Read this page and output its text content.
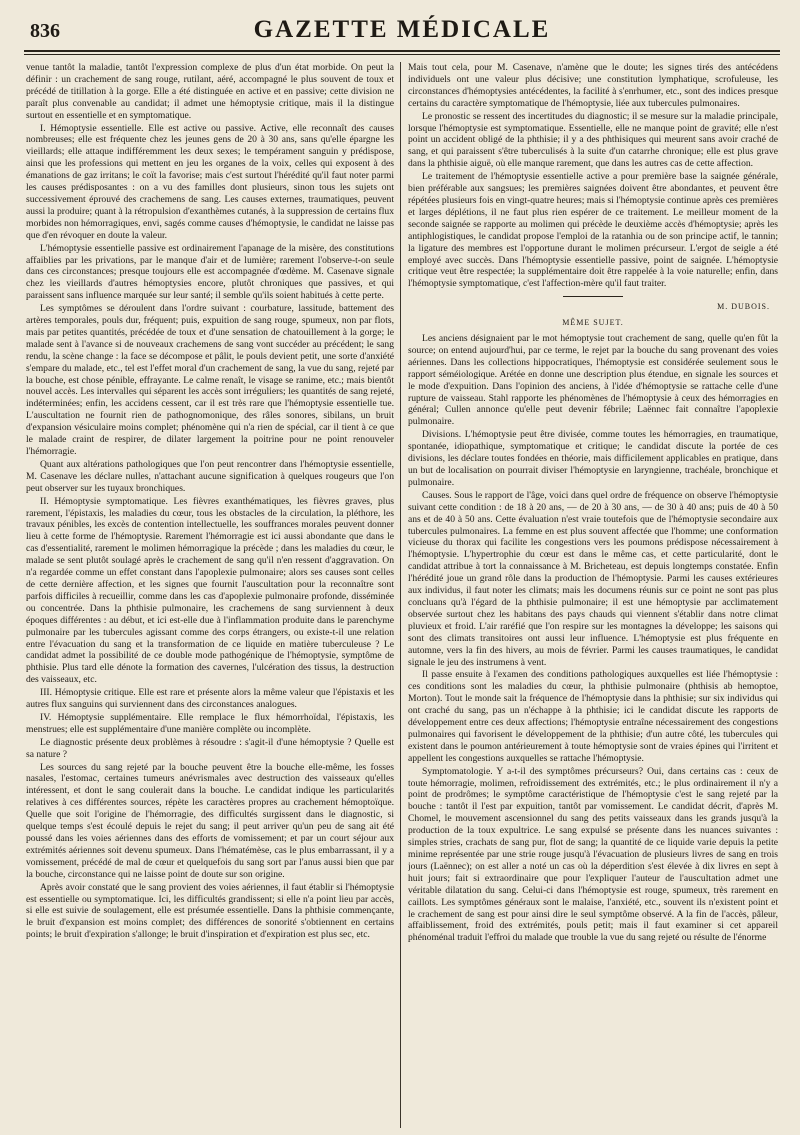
836	GAZETTE MÉDICALE

venue tantôt la maladie, tantôt l'expression complexe de plus d'un état morbide. On peut la définir : un crachement de sang rouge, rutilant, aéré, accompagné le plus souvent de toux et précédé de titillation à la gorge. Elle a été distinguée en active et en passive; cette division ne paraît plus convenable au candidat; il admet une hémoptysie critique, mais il la distingue surtout en essentielle et en symptomatique.

I. Hémoptysie essentielle. Elle est active ou passive. Active, elle reconnaît des causes nombreuses; elle est fréquente chez les jeunes gens de 20 à 30 ans, sans qu'elle épargne les vieillards; elle attaque indifféremment les deux sexes; le tempérament sanguin y prédispose, ainsi que les professions qui mettent en jeu les organes de la voix, celles qui exposent à des émanations de gaz irritans; le coït la favorise; mais c'est surtout l'hérédité qu'il faut noter parmi les causes prédisposantes : on a vu des familles dont plusieurs, sinon tous les sujets ont successivement éprouvé des crachemens de sang. Les causes externes, traumatiques, peuvent aussi la produire; quant à la rétropulsion d'exanthèmes cutanés, à la suppression de certains flux morbides non hémorragiques, envi, sagés comme causes d'hémoptysie, le candidat ne laisse pas que d'en révoquer en doute la valeur.

L'hémoptysie essentielle passive est ordinairement l'apanage de la misère, des constitutions affaiblies par les privations, par le manque d'air et de lumière; rarement l'observe-t-on seule dans ces circonstances; presque toujours elle est accompagnée d'œdème. M. Casenave signale chez les vieillards d'autres hémoptysies encore, plutôt chroniques que passives, et qui paraissent sans influence marquée sur leur santé; il semble qu'ils soient habitués à cette perte.

Les symptômes se déroulent dans l'ordre suivant : courbature, lassitude, battement des artères temporales, pouls dur, fréquent; puis, expuition de sang rouge, spumeux, non par flots, mais par petites quantités, précédée de toux et d'une sensation de chatouillement à la gorge; le malade sent à l'avance si de nouveaux crachemens de sang vont succéder au précédent; le sang rendu, la scène change : la face se décompose et pâlit, le pouls devient petit, une sorte d'anxiété s'empare du malade, etc., tel est l'effet moral d'un crachement de sang, la vue du sang, rejeté par la bouche, est chose pénible, effrayante. Le calme renaît, le visage se ranime, etc.; mais bientôt nouvel accès. Les intervalles qui séparent les accès sont irréguliers; les quantités de sang rejeté, indéterminées; enfin, les accidens cessent, car il est très rare que l'hémoptysie essentielle tue. L'auscultation ne fournit rien de pathognomonique, des râles sonores, sibilans, un bruit d'expansion vésiculaire moins complet; phénomène qui n'a rien de spécial, car il tient à ce que le malade craint de respirer, de dilater largement la poitrine pour ne point renouveler l'hémorragie.

Quant aux altérations pathologiques que l'on peut rencontrer dans l'hémoptysie essentielle, M. Casenave les déclare nulles, n'attachant aucune signification à quelques rougeurs que l'on peut observer sur les tuyaux bronchiques.

II. Hémoptysie symptomatique. Les fièvres exanthématiques, les fièvres graves, plus rarement, l'épistaxis, les maladies du cœur, tous les obstacles de la circulation, la pléthore, les travaux pénibles, les excès de contention intellectuelle, les souffrances morales peuvent donner lieu à cette forme de l'hémoptysie. Rarement l'hémorragie est ici aussi abondante que dans le cas d'essentialité, rarement le molimen hémorragique la précède ; dans les maladies du cœur, le malade se sent plutôt soulagé après le crachement de sang qu'il n'en ressent d'aggravation. On n'a regardée comme un effet constant dans l'apoplexie pulmonaire; alors ses causes sont celles de cette dernière affection, et les signes que fournit l'auscultation pour la reconnaître sont parfois difficiles à recueillir, comme dans les cas d'apoplexie pulmonaire profonde, disséminée ou concentrée. Dans la phthisie pulmonaire, les crachemens de sang surviennent à deux époques différentes : au début, et ici est-elle due à l'inflammation produite dans le parenchyme pulmonaire par les tubercules agissant comme des corps étrangers, ou existe-t-il une relation entre l'évacuation du sang et la transformation de ce liquide en matière tuberculeuse ? Le candidat admet la possibilité de ce double mode pathogénique de l'hémoptysie, symptôme de phthisie. Plus tard elle dénote la formation des cavernes, l'ulcération des tissus, la destruction des vaisseaux, etc.

III. Hémoptysie critique. Elle est rare et présente alors la même valeur que l'épistaxis et les autres flux sanguins qui surviennent dans des circonstances analogues.

IV. Hémoptysie supplémentaire. Elle remplace le flux hémorrhoïdal, l'épistaxis, les menstrues; elle est supplémentaire d'une manière complète ou incomplète.

Le diagnostic présente deux problèmes à résoudre : s'agit-il d'une hémoptysie ? Quelle est sa nature ?

Les sources du sang rejeté par la bouche peuvent être la bouche elle-même, les fosses nasales, l'estomac, certaines tumeurs anévrismales avec destruction des vaisseaux qu'elles intéressent, et dont le sang coulerait dans la bouche. Le candidat indique les particularités relatives à ces différentes sources, répète les caractères propres au crachement hémoptoïque. Quelle que soit l'origine de l'hémorragie, des difficultés surgissent dans le diagnostic, si quelque temps s'est écoulé depuis le rejet du sang; il peut arriver qu'un peu de sang ait été poussé dans les voies aériennes dans des efforts de vomissement; et par un court séjour aux extrémités aériennes soit devenu spumeux. Dans l'hématémèse, cas le plus embarrassant, il y a vomissement, précédé de mal de cœur et quelquefois du sang sort par l'anus aussi bien que par la bouche, circonstance qui ne laisse point de doute sur son origine.

Après avoir constaté que le sang provient des voies aériennes, il faut établir si l'hémoptysie est essentielle ou symptomatique. Ici, les difficultés grandissent; si elle n'a point lieu par accès, si elle est suivie de soulagement, elle est présumée essentielle. Dans la phthisie commençante, le bruit d'expansion est moins complet; des différences de sonorité s'obtiennent en certains points; le bruit d'expiration s'allonge; le bruit d'inspiration et d'expiration est plus sec, etc.

Mais tout cela, pour M. Casenave, n'amène que le doute; les signes tirés des antécédens individuels ont une valeur plus décisive; une constitution lymphatique, scrofuleuse, les circonstances d'hémoptysies antécédentes, la facilité à s'enrhumer, etc., sont des indices presque certains du caractère symptomatique de l'hémoptysie, liée aux tubercules pulmonaires.

Le pronostic se ressent des incertitudes du diagnostic; il se mesure sur la maladie principale, lorsque l'hémoptysie est symptomatique. Essentielle, elle ne manque point de gravité; elle n'est point un accident obligé de la phthisie; il y a des phthisiques qui meurent sans avoir craché de sang, et qui paraissent s'être tuberculisés à la suite d'un catarrhe chronique; elle est plus grave dans la phthisie aiguë, où elle manque rarement, que dans les autres cas de cette affection.

Le traitement de l'hémoptysie essentielle active a pour première base la saignée générale, bien préférable aux sangsues; les premières saignées doivent être abondantes, et peuvent être répétées plusieurs fois en vingt-quatre heures; mais si l'hémoptysie continue après ces premières et larges déplétions, il ne faut plus rien espérer de ce traitement. Le meilleur moment de la seconde saignée se rapporte au molimen qui précède le deuxième accès d'hémoptysie; après les antiphlogistiques, le candidat propose l'emploi de la ratanhia ou de son principe actif, le tannin; la ligature des membres est l'opportune durant le molimen précurseur. L'ergot de seigle a été employé avec succès. Dans l'hémoptysie essentielle passive, point de saignée. L'hémoptysie critique veut être respectée; la supplémentaire doit être rappelée à la voie naturelle; enfin, dans l'hémoptysie symptomatique, c'est l'affection-mère qu'il faut traiter.

M. DUBOIS.
MÊME SUJET.

Les anciens désignaient par le mot hémoptysie tout crachement de sang, quelle qu'en fût la source; on entend aujourd'hui, par ce terme, le rejet par la bouche du sang provenant des voies aériennes. Dans les collections hippocratiques, l'hémoptysie est considérée seulement sous le rapport séméiologique. Arétée en donne une description plus étendue, en signale les sources et le mode d'expuition. Dans l'opinion des anciens, à l'idée d'hémoptysie se rattache celle d'une rupture de vaisseau. Stahl rapporte les phénomènes de l'hémoptysie à ceux des hémorragies en général; Cullen annonce qu'elle peut devenir fébrile; Laënnec fait connaître l'apoplexie pulmonaire.

Divisions. L'hémoptysie peut être divisée, comme toutes les hémorragies, en traumatique, spontanée, idiopathique, symptomatique et critique; le candidat discute la portée de ces divisions, les déclare toutes fondées en théorie, mais difficilement applicables en pratique, dans un but de localisation on pourrait diviser l'hémoptysie en laryngienne, trachéale, bronchique et pulmonaire.

Causes. Sous le rapport de l'âge, voici dans quel ordre de fréquence on observe l'hémoptysie suivant cette condition : de 18 à 20 ans, — de 20 à 30 ans, — de 30 à 40 ans; puis de 40 à 50 ans et de 40 à 50 ans. Cette évaluation n'est vraie toutefois que de l'hémoptysie secondaire aux tubercules pulmonaires. La femme en est plus souvent affectée que l'homme; une conformation vicieuse du thorax qui facilite les congestions vers les poumons prédispose nécessairement à l'hémoptysie. L'hypertrophie du cœur est dans le même cas, et cette particularité, dont le candidat attribue à tort la connaissance à M. Bricheteau, est depuis longtemps constatée. Enfin l'hérédité joue un grand rôle dans la production de l'hémoptysie. Parmi les causes extérieures aux individus, il faut noter les climats; mais les documens réunis sur ce point ne sont pas plus concluans qu'à l'égard de la phthisie pulmonaire; il est une hémoptysie par acclimatement observée surtout chez les habitans des pays chauds qui viennent s'établir dans notre climat pluvieux et froid. L'air raréfié que l'on respire sur les montagnes la développe; les saisons qui sont des climats transitoires ont aussi leur influence. L'hémoptysie est plus fréquente en automne, vers la fin des hivers, au mois de février. Parmi les causes traumatiques, le candidat signale le jeu des instrumens à vent.

Il passe ensuite à l'examen des conditions pathologiques auxquelles est liée l'hémoptysie : ces conditions sont les maladies du cœur, la phthisie pulmonaire (phthisis ab hemoptoe, Morton). Tout le monde sait la fréquence de l'hémoptysie dans la phthisie; sur six individus qui ont craché du sang, pas un n'échappe à la phthisie; ici le candidat discute les rapports de développement entre ces deux affections; l'hémoptysie entraîne nécessairement des congestions pulmonaires qui favorisent le développement de la phthisie; d'un autre côté, les tubercules qui existent dans le poumon antérieurement à toute hémoptysie sont de vraies épines qui l'irritent et appellent les congestions auxquelles se rattache l'hémoptysie.

Symptomatologie. Y a-t-il des symptômes précurseurs? Oui, dans certains cas : ceux de toute hémorragie, molimen, refroidissement des extrémités, etc.; le plus ordinairement il n'y a point de prodrômes; le symptôme caractéristique de l'hémoptysie c'est le sang rejeté par la bouche : tantôt il l'est par expuition, tantôt par vomissement. Le candidat décrit, d'après M. Chomel, le mouvement ascensionnel du sang des petits vaisseaux dans les grands jusqu'à la production de la toux expultrice. Le sang expulsé se présente dans les nuances suivantes : simples stries, crachats de sang pur, flot de sang; la quantité de ce liquide varie depuis la petite minime représentée par une strie rouge jusqu'à l'évacuation de plusieurs livres de sang en trois jours (Laënnec); on est aller a noté un cas où la déperdition s'est élevée à dix livres en sept à huit jours; fait si extraordinaire que pour l'expliquer l'auteur de l'auscultation admet une véritable dilatation du sang. Celui-ci dans l'hémoptysie est rouge, spumeux, très rarement en caillots. Les symptômes généraux sont le malaise, l'anxiété, etc., souvent ils n'existent point et le crachement de sang est pour ainsi dire le seul symptôme observé. A la fin de l'accès, pâleur, affaiblissement, froid des extrémités, pouls petit; mais il faut examiner si cet appareil phénoménal traduit l'effroi du malade que trouble la vue du sang rejeté ou résulte de l'énorme
